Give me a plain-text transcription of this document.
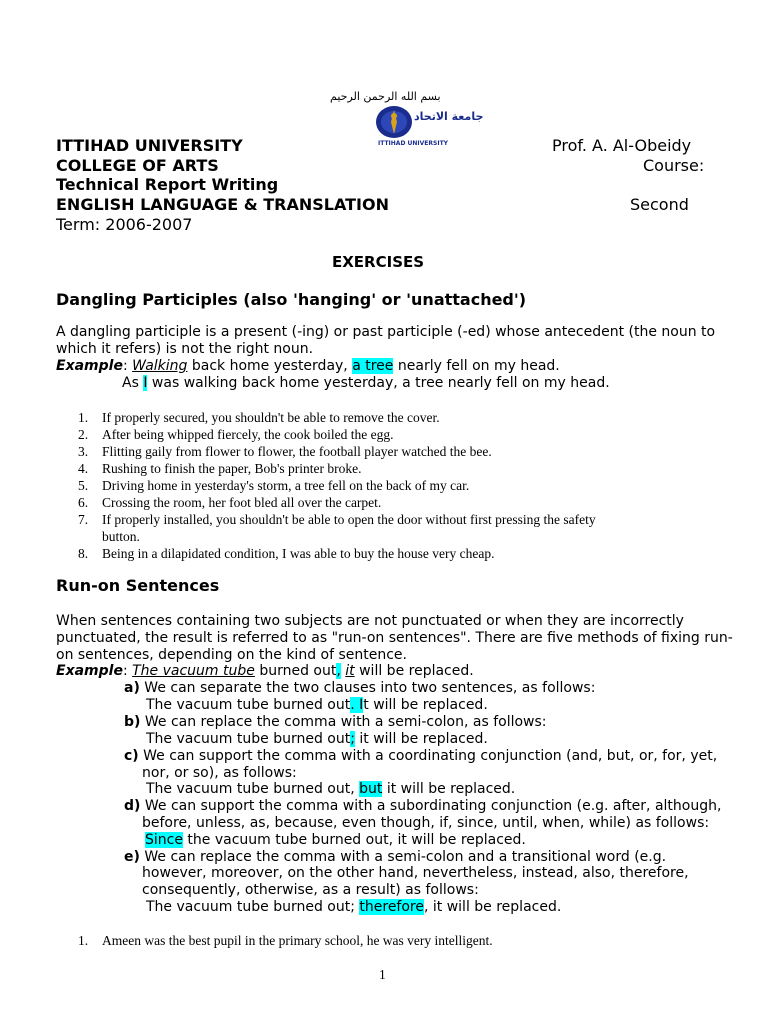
بسم الله الرحمن الرحيم
جامعة الاتحاد
ITTIHAD UNIVERSITY
ITTIHAD UNIVERSITY	Prof. A. Al-Obeidy
COLLEGE OF ARTS	Course:
Technical Report Writing
ENGLISH LANGUAGE & TRANSLATION	Second
Term: 2006-2007
EXERCISES
Dangling Participles (also 'hanging' or 'unattached')
A dangling participle is a present (-ing) or past participle (-ed) whose antecedent (the noun to
which it refers) is not the right noun.
Example: Walking back home yesterday, a tree nearly fell on my head.
As I was walking back home yesterday, a tree nearly fell on my head.
1. If properly secured, you shouldn't be able to remove the cover.
2. After being whipped fiercely, the cook boiled the egg.
3. Flitting gaily from flower to flower, the football player watched the bee.
4. Rushing to finish the paper, Bob's printer broke.
5. Driving home in yesterday's storm, a tree fell on the back of my car.
6. Crossing the room, her foot bled all over the carpet.
7. If properly installed, you shouldn't be able to open the door without first pressing the safety
button.
8. Being in a dilapidated condition, I was able to buy the house very cheap.
Run-on Sentences
When sentences containing two subjects are not punctuated or when they are incorrectly
punctuated, the result is referred to as "run-on sentences". There are five methods of fixing run-
on sentences, depending on the kind of sentence.
Example: The vacuum tube burned out, it will be replaced.
a) We can separate the two clauses into two sentences, as follows:
The vacuum tube burned out. It will be replaced.
b) We can replace the comma with a semi-colon, as follows:
The vacuum tube burned out; it will be replaced.
c) We can support the comma with a coordinating conjunction (and, but, or, for, yet,
nor, or so), as follows:
The vacuum tube burned out, but it will be replaced.
d) We can support the comma with a subordinating conjunction (e.g. after, although,
before, unless, as, because, even though, if, since, until, when, while) as follows:
Since the vacuum tube burned out, it will be replaced.
e) We can replace the comma with a semi-colon and a transitional word (e.g.
however, moreover, on the other hand, nevertheless, instead, also, therefore,
consequently, otherwise, as a result) as follows:
The vacuum tube burned out; therefore, it will be replaced.
1. Ameen was the best pupil in the primary school, he was very intelligent.
1
